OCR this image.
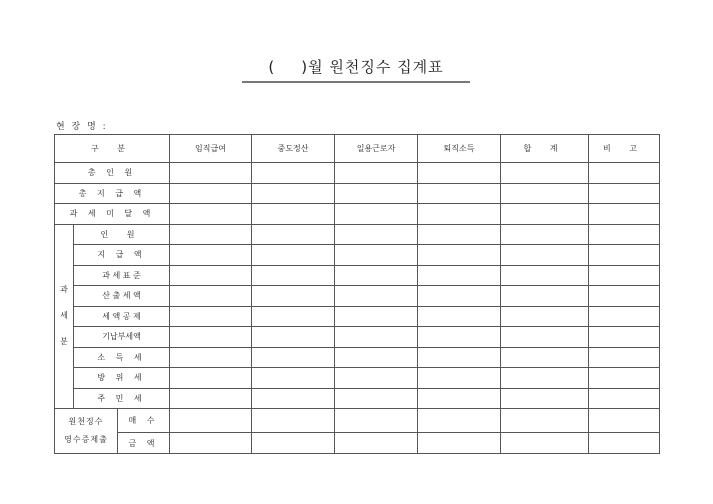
( )월 원천징수 집계표
현 장 명 :
구 분			임직급여	중도정산	일용근로자	퇴직소득	합 계	비 고
총 인 원								
총 지 급 액								
과 세 미 달 액								

과
세
분	인 원							
	지 급 액							
	과 세 표 준							
	산 출 세 액							
	세 액 공 제							
	기납부세액							
	소 득 세							
	방 위 세							
	주 민 세							

원천징수
영수증제출		매 수						
		금 액						
